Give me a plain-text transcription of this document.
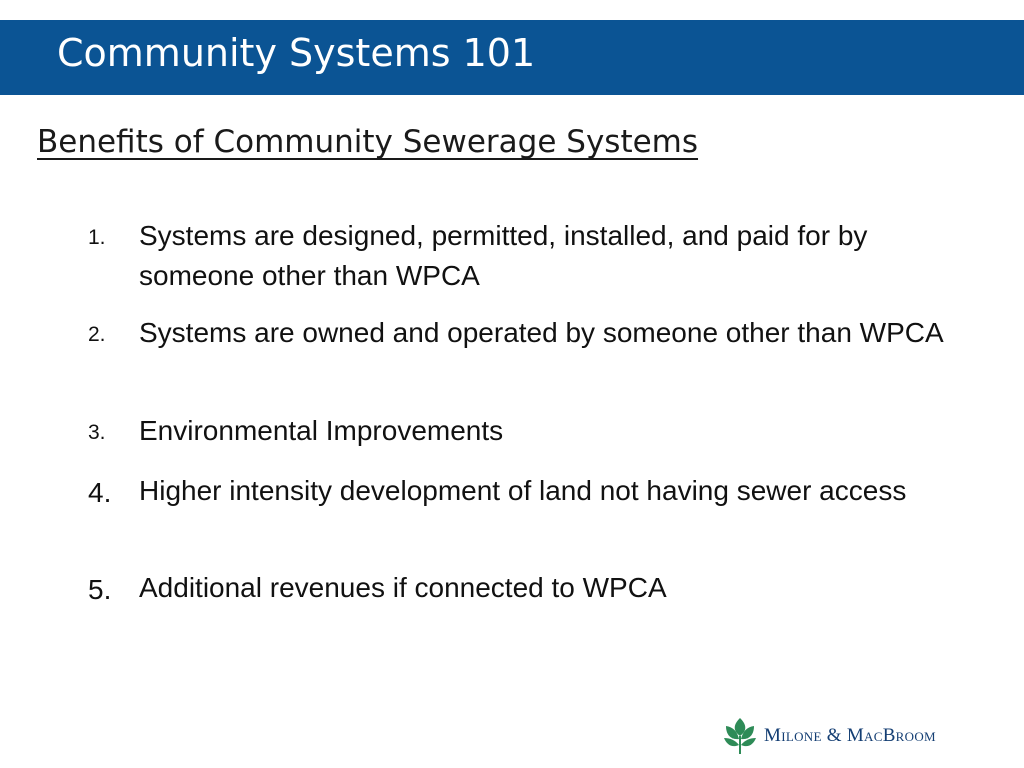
Community Systems 101
Benefits of Community Sewerage Systems
1. Systems are designed, permitted, installed, and paid for by someone other than WPCA
2. Systems are owned and operated by someone other than WPCA
3. Environmental Improvements
4. Higher intensity development of land not having sewer access
5. Additional revenues if connected to WPCA
Milone & MacBroom
